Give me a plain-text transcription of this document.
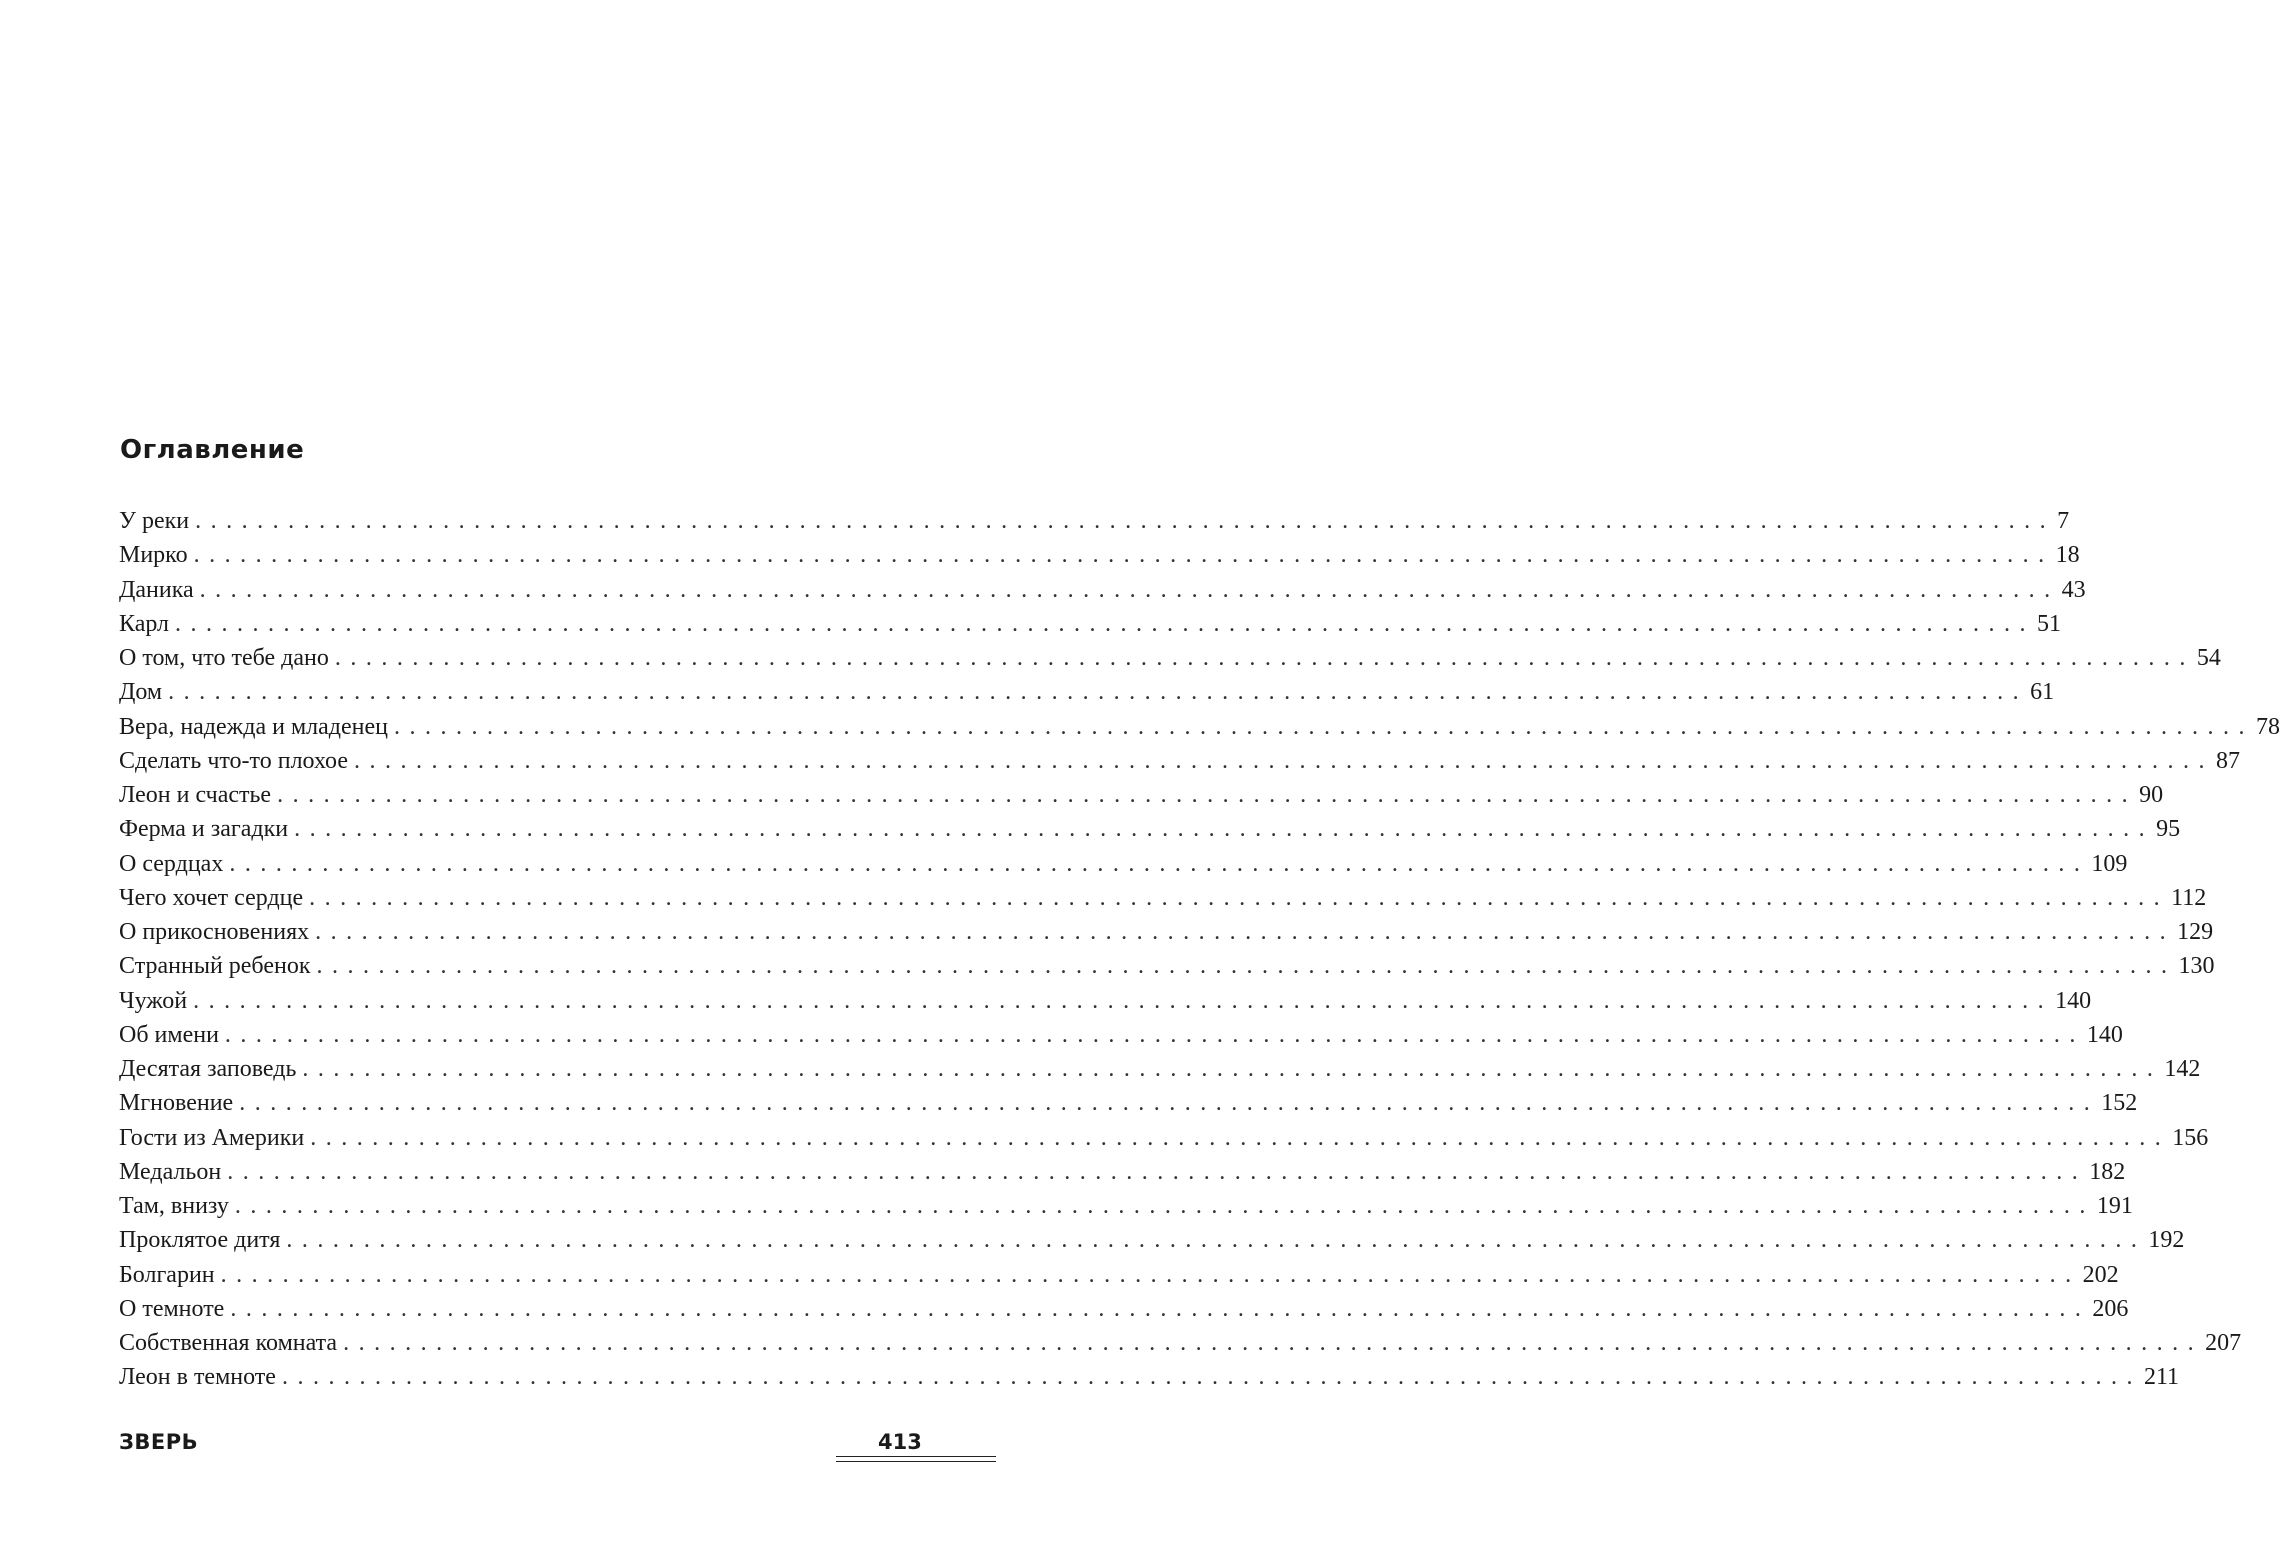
Оглавление
У реки ........................................................................................................................ 7
Мирко ........................................................................................................................ 18
Даника ........................................................................................................................ 43
Карл ........................................................................................................................ 51
О том, что тебе дано ........................................................................................................................ 54
Дом ........................................................................................................................ 61
Вера, надежда и младенец ........................................................................................................................ 78
Сделать что-то плохое ........................................................................................................................ 87
Леон и счастье ........................................................................................................................ 90
Ферма и загадки ........................................................................................................................ 95
О сердцах ........................................................................................................................ 109
Чего хочет сердце ........................................................................................................................ 112
О прикосновениях ........................................................................................................................ 129
Странный ребенок ........................................................................................................................ 130
Чужой ........................................................................................................................ 140
Об имени ........................................................................................................................ 140
Десятая заповедь ........................................................................................................................ 142
Мгновение ........................................................................................................................ 152
Гости из Америки ........................................................................................................................ 156
Медальон ........................................................................................................................ 182
Там, внизу ........................................................................................................................ 191
Проклятое дитя ........................................................................................................................ 192
Болгарин ........................................................................................................................ 202
О темноте ........................................................................................................................ 206
Собственная комната ........................................................................................................................ 207
Леон в темноте ........................................................................................................................ 211
ЗВЕРЬ	413
